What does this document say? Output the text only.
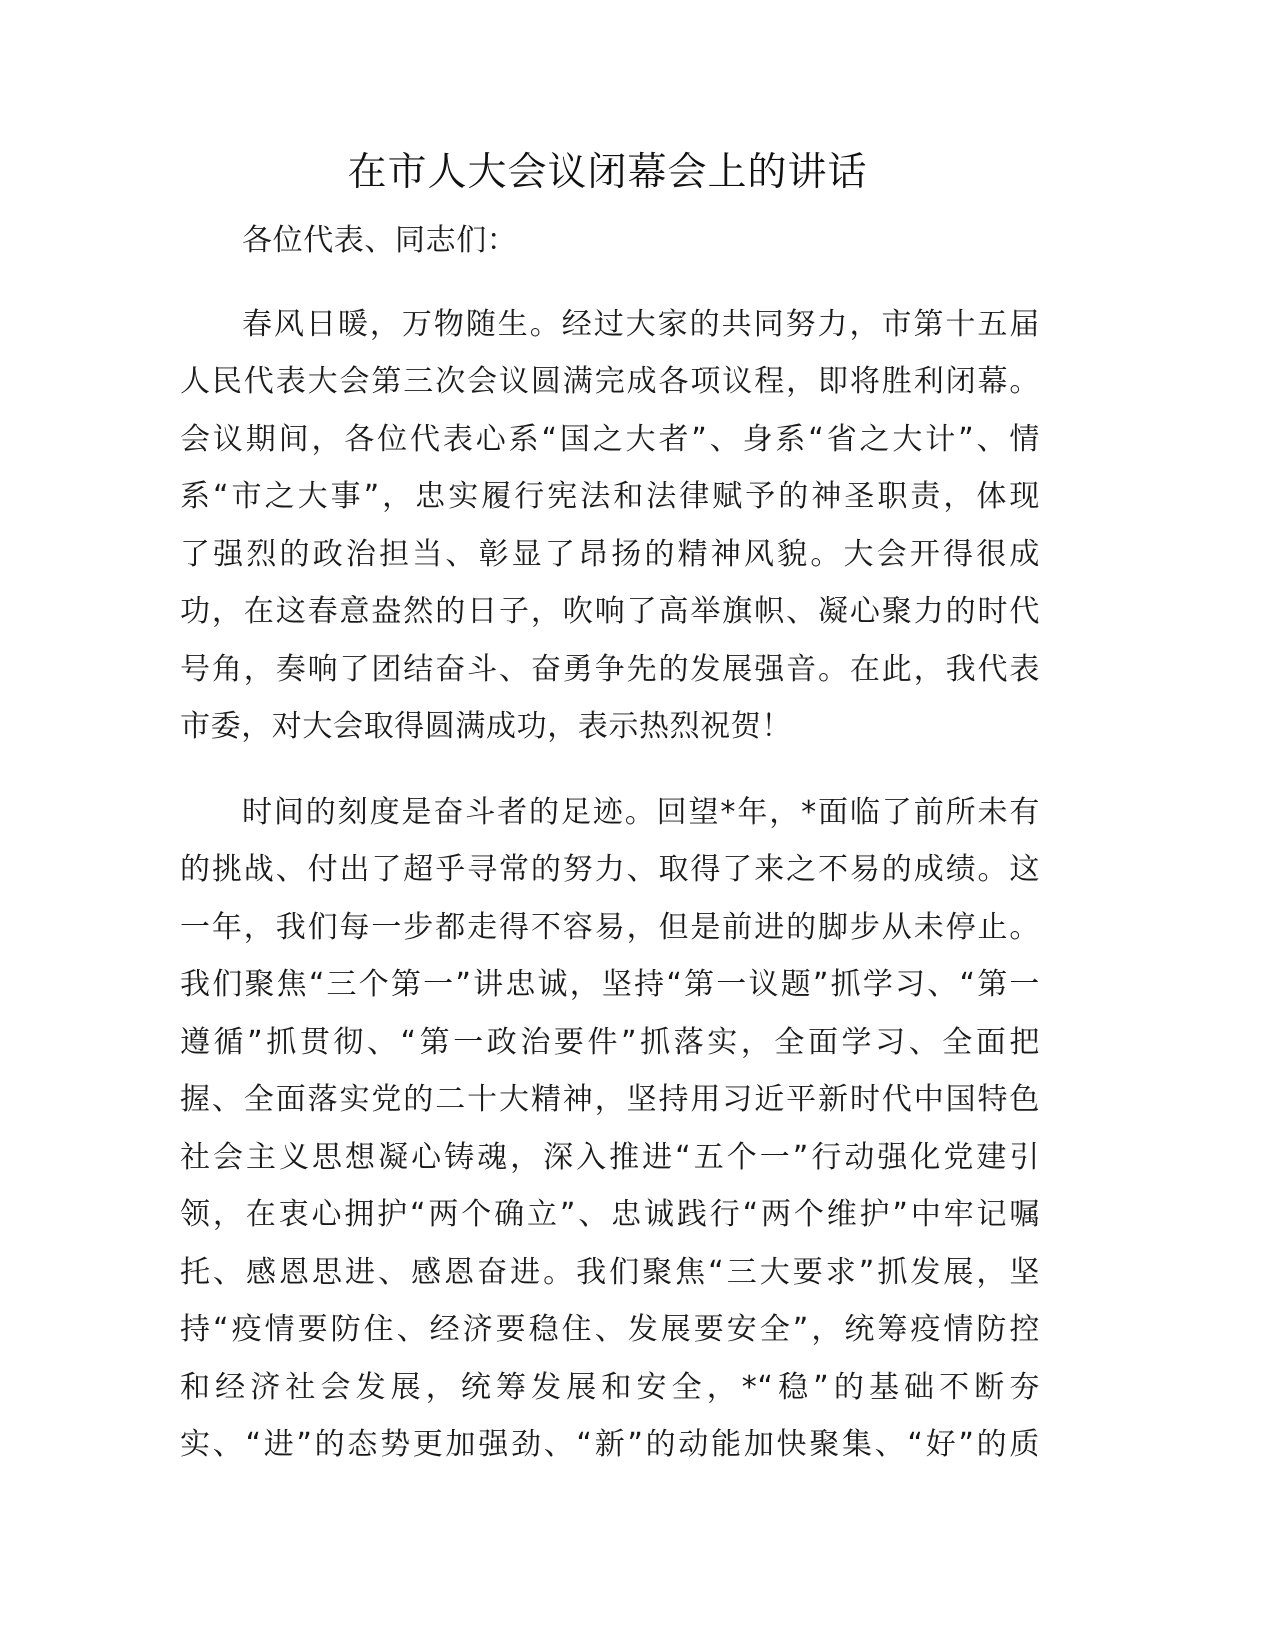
在市人大会议闭幕会上的讲话
各位代表、同志们：
春风日暖，万物随生。经过大家的共同努力，市第十五届
人民代表大会第三次会议圆满完成各项议程，即将胜利闭幕。
会议期间，各位代表心系“国之大者”、身系“省之大计”、情
系“市之大事”，忠实履行宪法和法律赋予的神圣职责，体现
了强烈的政治担当、彰显了昂扬的精神风貌。大会开得很成
功，在这春意盎然的日子，吹响了高举旗帜、凝心聚力的时代
号角，奏响了团结奋斗、奋勇争先的发展强音。在此，我代表
市委，对大会取得圆满成功，表示热烈祝贺！
时间的刻度是奋斗者的足迹。回望*年，*面临了前所未有
的挑战、付出了超乎寻常的努力、取得了来之不易的成绩。这
一年，我们每一步都走得不容易，但是前进的脚步从未停止。
我们聚焦“三个第一”讲忠诚，坚持“第一议题”抓学习、“第一
遵循”抓贯彻、“第一政治要件”抓落实，全面学习、全面把
握、全面落实党的二十大精神，坚持用习近平新时代中国特色
社会主义思想凝心铸魂，深入推进“五个一”行动强化党建引
领，在衷心拥护“两个确立”、忠诚践行“两个维护”中牢记嘱
托、感恩思进、感恩奋进。我们聚焦“三大要求”抓发展，坚
持“疫情要防住、经济要稳住、发展要安全”，统筹疫情防控
和经济社会发展，统筹发展和安全，*“稳”的基础不断夯
实、“进”的态势更加强劲、“新”的动能加快聚集、“好”的质
